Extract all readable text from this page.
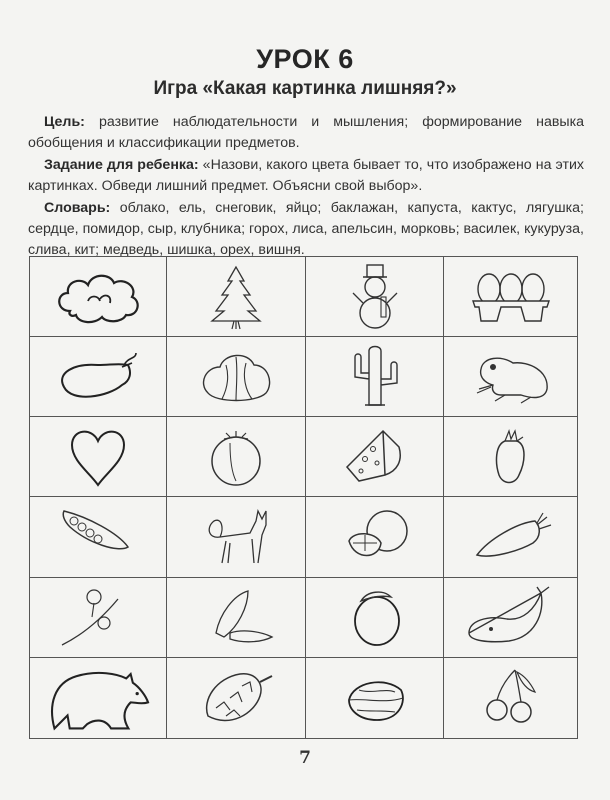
УРОК 6
Игра «Какая картинка лишняя?»
Цель: развитие наблюдательности и мышления; формирование навыка обобщения и классификации предметов.
Задание для ребенка: «Назови, какого цвета бывает то, что изображено на этих картинках. Обведи лишний предмет. Объясни свой выбор».
Словарь: облако, ель, снеговик, яйцо; баклажан, капуста, кактус, лягушка; сердце, помидор, сыр, клубника; горох, лиса, апельсин, морковь; василек, кукуруза, слива, кит; медведь, шишка, орех, вишня.
7
